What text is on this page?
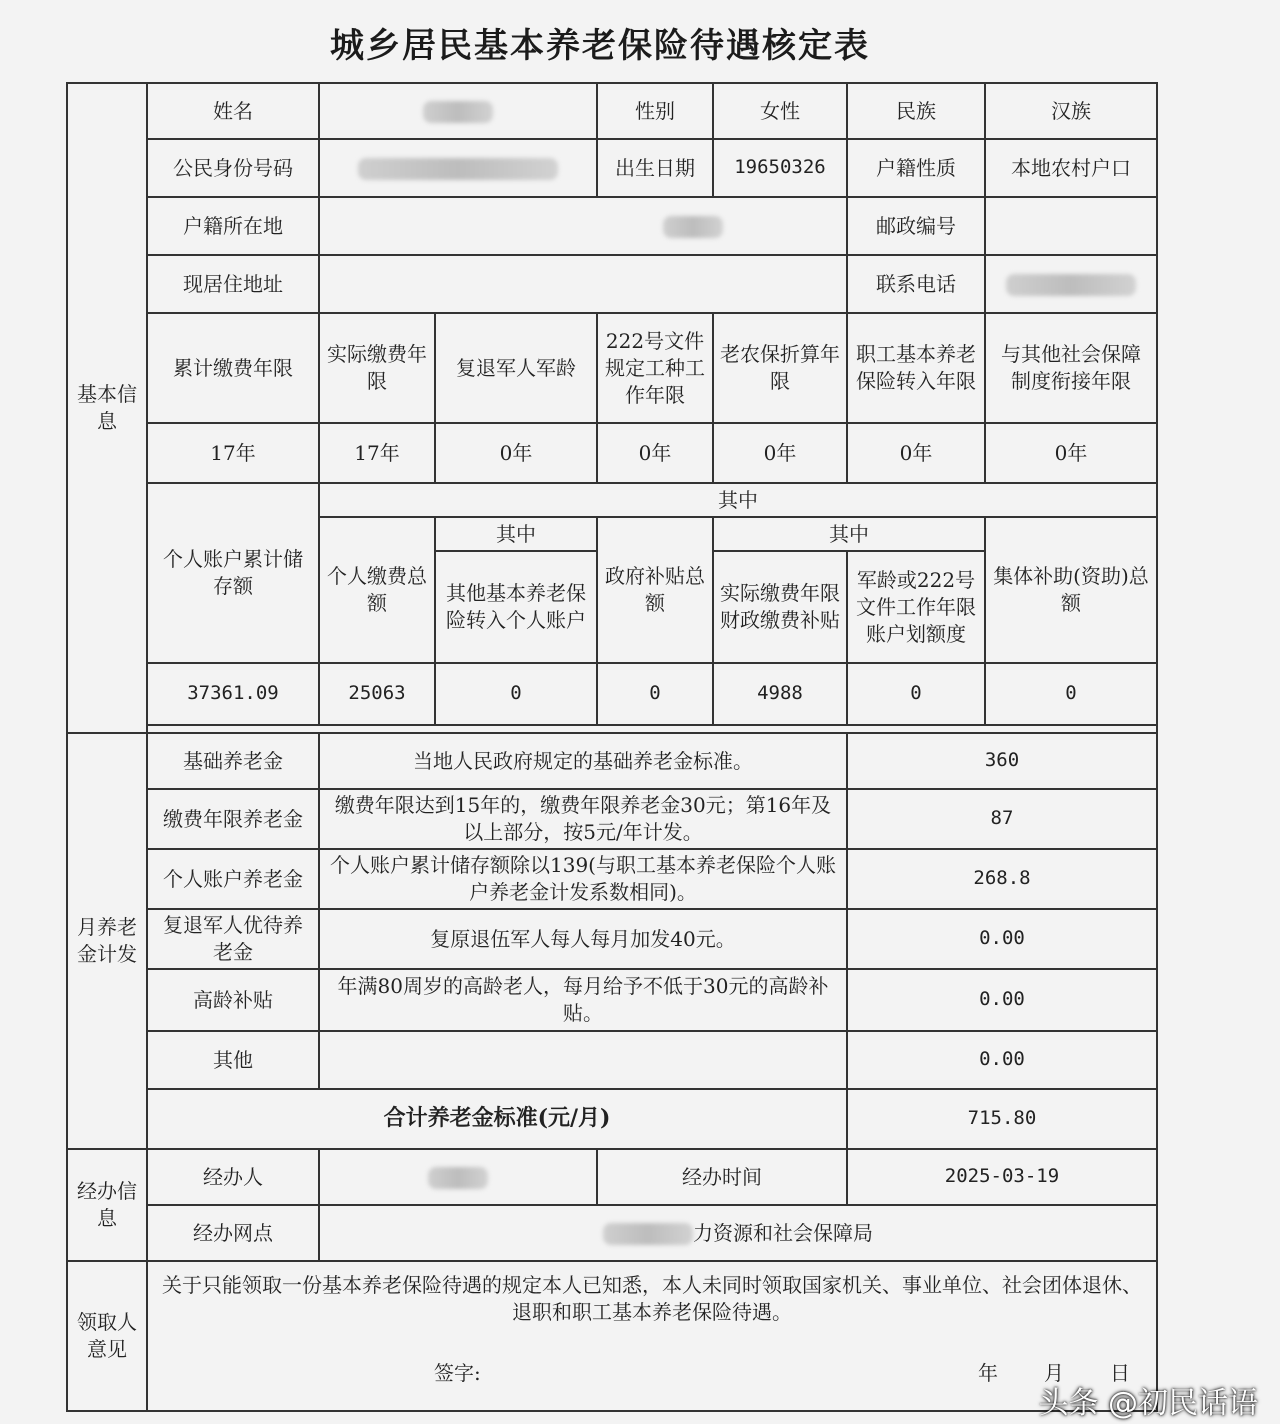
城乡居民基本养老保险待遇核定表
基本信息	姓名			性别	女性	民族	汉族
	公民身份号码			出生日期	19650326	户籍性质	本地农村户口
	户籍所在地					邮政编号	
	现居住地址					联系电话	
	累计缴费年限	实际缴费年限	复退军人军龄	222号文件规定工种工作年限	老农保折算年限	职工基本养老保险转入年限	与其他社会保障制度衔接年限
	17年	17年	0年	0年	0年	0年	0年
	个人账户累计储存额	其中					
		个人缴费总额	其中	政府补贴总额	其中		集体补助(资助)总额
			其他基本养老保险转入个人账户		实际缴费年限财政缴费补贴	军龄或222号文件工作年限账户划额度	
	37361.09	25063	0	0	4988	0	0

月养老金计发	基础养老金	当地人民政府规定的基础养老金标准。				360	
	缴费年限养老金	缴费年限达到15年的，缴费年限养老金30元；第16年及以上部分，按5元/年计发。				87	
	个人账户养老金	个人账户累计储存额除以139(与职工基本养老保险个人账户养老金计发系数相同)。				268.8	
	复退军人优待养老金	复原退伍军人每人每月加发40元。				0.00	
	高龄补贴	年满80周岁的高龄老人，每月给予不低于30元的高龄补贴。				0.00	
	其他					0.00	
	合计养老金标准(元/月)					715.80	
经办信息	经办人			经办时间		2025-03-19	
	经办网点	力资源和社会保障局					
领取人意见	关于只能领取一份基本养老保险待遇的规定本人已知悉，本人未同时领取国家机关、事业单位、社会团体退休、退职和职工基本养老保险待遇。
签字: 年 月 日						
头条 @初民话语
